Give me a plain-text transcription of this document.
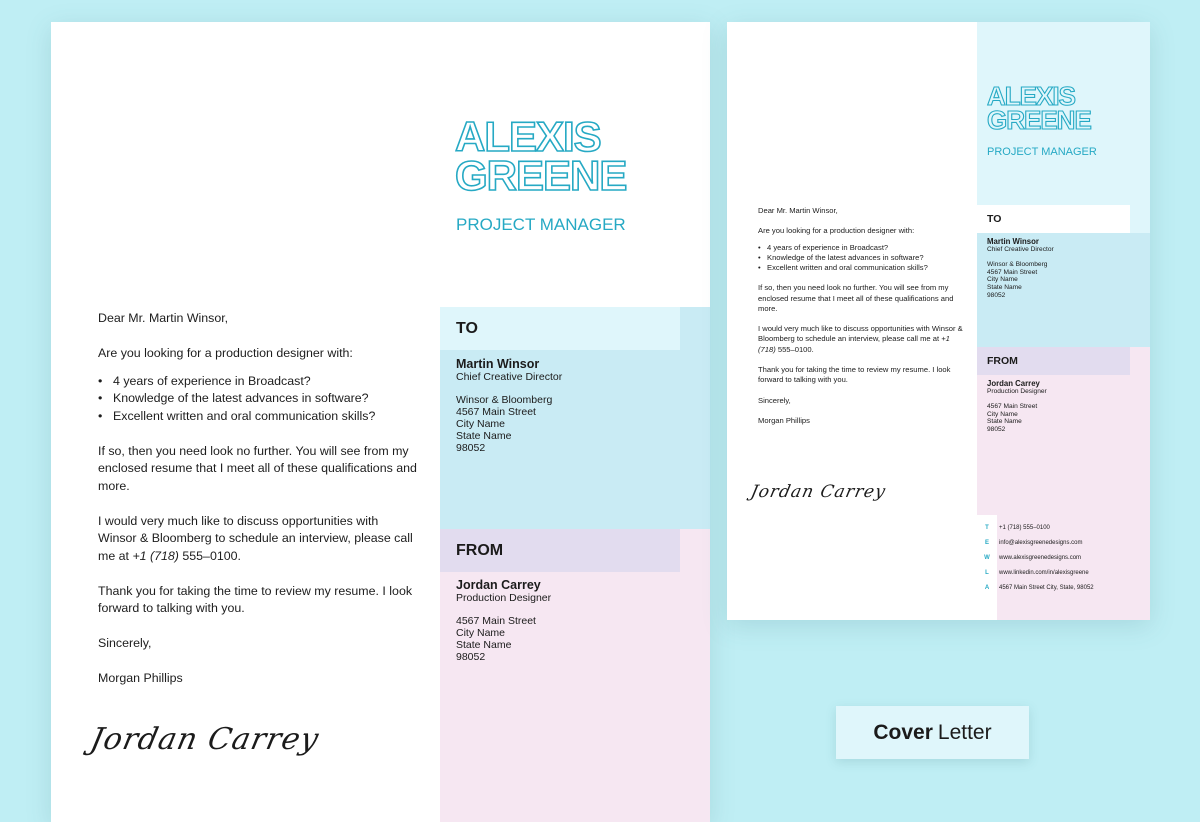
TO
FROM
ALEXIS
GREENE
PROJECT MANAGER

Dear Mr. Martin Winsor,

Are you looking for a production designer with:

• 4 years of experience in Broadcast?
• Knowledge of the latest advances in software?
• Excellent written and oral communication skills?

If so, then you need look no further. You will see from my enclosed resume that I meet all of these qualifications and more.

I would very much like to discuss opportunities with Winsor & Bloomberg to schedule an interview, please call me at +1 (718) 555–0100.

Thank you for taking the time to review my resume. I look forward to talking with you.

Sincerely,

Morgan Phillips

Martin Winsor
Chief Creative Director
Winsor & Bloomberg
4567 Main Street
City Name
State Name
98052
Jordan Carrey
Production Designer
4567 Main Street
City Name
State Name
98052
Jordan Carrey
TO
FROM
ALEXIS
GREENE
PROJECT MANAGER

Dear Mr. Martin Winsor,

Are you looking for a production designer with:

• 4 years of experience in Broadcast?
• Knowledge of the latest advances in software?
• Excellent written and oral communication skills?

If so, then you need look no further. You will see from my enclosed resume that I meet all of these qualifications and more.

I would very much like to discuss opportunities with Winsor & Bloomberg to schedule an interview, please call me at +1 (718) 555–0100.

Thank you for taking the time to review my resume. I look forward to talking with you.

Sincerely,

Morgan Phillips

Martin Winsor
Chief Creative Director
Winsor & Bloomberg
4567 Main Street
City Name
State Name
98052
Jordan Carrey
Production Designer
4567 Main Street
City Name
State Name
98052
Jordan Carrey
T	+1 (718) 555–0100
E	info@alexisgreenedesigns.com
W	www.alexisgreenedesigns.com
L	www.linkedin.com/in/alexisgreene
A	4567 Main Street City, State, 98052
Cover Letter
